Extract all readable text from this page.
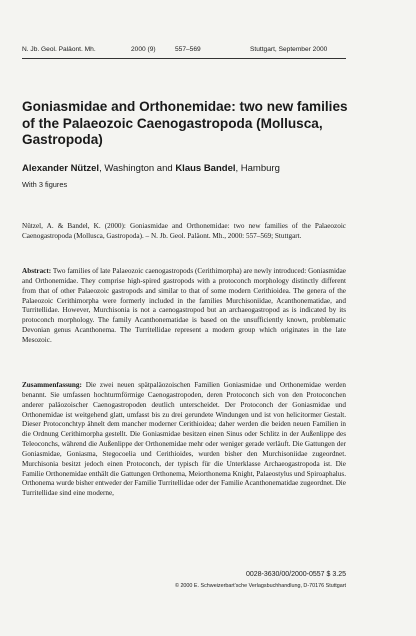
N. Jb. Geol. Paläont. Mh.	2000 (9)	557–569	Stuttgart, September 2000
Goniasmidae and Orthonemidae: two new families of the Palaeozoic Caenogastropoda (Mollusca, Gastropoda)
Alexander Nützel, Washington and Klaus Bandel, Hamburg
With 3 figures

Nützel, A. & Bandel, K. (2000): Goniasmidae and Orthonemidae: two new families of the Palaeozoic Caenogastropoda (Mollusca, Gastropoda). – N. Jb. Geol. Paläont. Mh., 2000: 557–569; Stuttgart.

Abstract: Two families of late Palaeozoic caenogastropods (Cerithimorpha) are newly introduced: Goniasmidae and Orthonemidae. They comprise high-spired gastropods with a protoconch morphology distinctly different from that of other Palaeozoic gastropods and similar to that of some modern Cerithioidea. The genera of the Palaeozoic Cerithimorpha were formerly included in the families Murchisoniidae, Acanthonematidae, and Turritellidae. However, Murchisonia is not a caenogastropod but an archaeogastropod as is indicated by its protoconch morphology. The family Acanthonematidae is based on the unsufficiently known, problematic Devonian genus Acanthonema. The Turritellidae represent a modern group which originates in the late Mesozoic.

Zusammenfassung: Die zwei neuen spätpaläozoischen Familien Goniasmidae und Orthonemidae werden benannt. Sie umfassen hochturmförmige Caenogastropoden, deren Protoconch sich von den Protoconchen anderer paläozoischer Caenogastropoden deutlich unterscheidet. Der Protoconch der Goniasmidae und Orthonemidae ist weitgehend glatt, umfasst bis zu drei gerundete Windungen und ist von helicitormer Gestalt. Dieser Protoconchtyp ähnelt dem mancher moderner Cerithioidea; daher werden die beiden neuen Familien in die Ordnung Cerithimorpha gestellt. Die Goniasmidae besitzen einen Sinus oder Schlitz in der Außenlippe des Teleoconchs, während die Außenlippe der Orthonemidae mehr oder weniger gerade verläuft. Die Gattungen der Goniasmidae, Goniasma, Stegocoelia und Cerithioides, wurden bisher den Murchisoniidae zugeordnet. Murchisonia besitzt jedoch einen Protoconch, der typisch für die Unterklasse Archaeogastropoda ist. Die Familie Orthonemidae enthält die Gattungen Orthonema, Meiorthonema Knight, Palaeostylus und Spiroaphalus. Orthonema wurde bisher entweder der Familie Turritellidae oder der Familie Acanthonematidae zugeordnet. Die Turritellidae sind eine moderne,

0028-3630/00/2000-0557 $ 3.25
© 2000 E. Schweizerbart'sche Verlagsbuchhandlung, D-70176 Stuttgart
